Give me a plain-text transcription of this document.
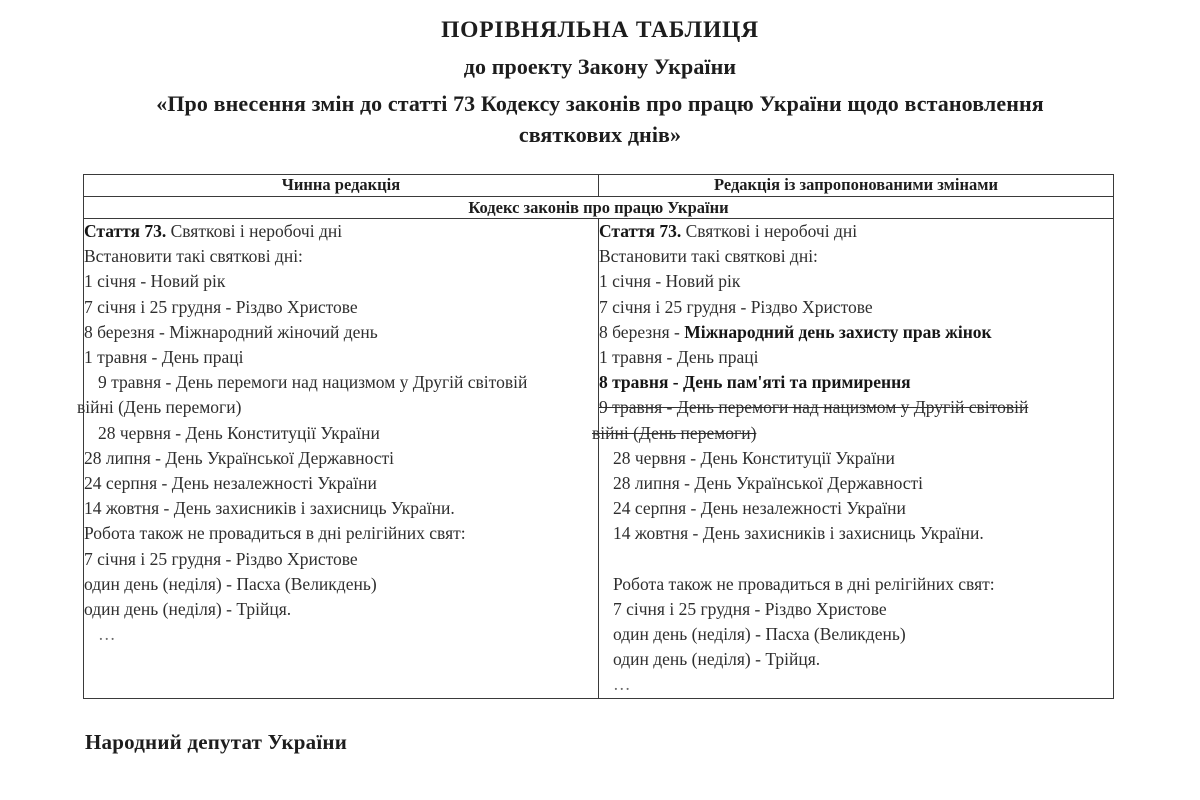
ПОРІВНЯЛЬНА ТАБЛИЦЯ
до проекту Закону України
«Про внесення змін до статті 73 Кодексу законів про працю України щодо встановлення святкових днів»
Чинна редакція	Редакція із запропонованими змінами
Кодекс законів про працю України	

Стаття 73. Святкові і неробочі дні
Встановити такі святкові дні:
1 січня - Новий рік
7 січня і 25 грудня - Різдво Христове
8 березня - Міжнародний жіночий день
1 травня - День праці
9 травня - День перемоги над нацизмом у Другій світовій
війні (День перемоги)
28 червня - День Конституції України
28 липня - День Української Державності
24 серпня - День незалежності України
14 жовтня - День захисників і захисниць України.
Робота також не провадиться в дні релігійних свят:
7 січня і 25 грудня - Різдво Христове
один день (неділя) - Пасха (Великдень)
один день (неділя) - Трійця.
…

Стаття 73. Святкові і неробочі дні
Встановити такі святкові дні:
1 січня - Новий рік
7 січня і 25 грудня - Різдво Христове
8 березня - Міжнародний день захисту прав жінок
1 травня - День праці
8 травня - День пам'яті та примирення
9 травня - День перемоги над нацизмом у Другій світовій
війні (День перемоги)
28 червня - День Конституції України
28 липня - День Української Державності
24 серпня - День незалежності України
14 жовтня - День захисників і захисниць України.
Робота також не провадиться в дні релігійних свят:
7 січня і 25 грудня - Різдво Христове
один день (неділя) - Пасха (Великдень)
один день (неділя) - Трійця.
…
Народний депутат України
